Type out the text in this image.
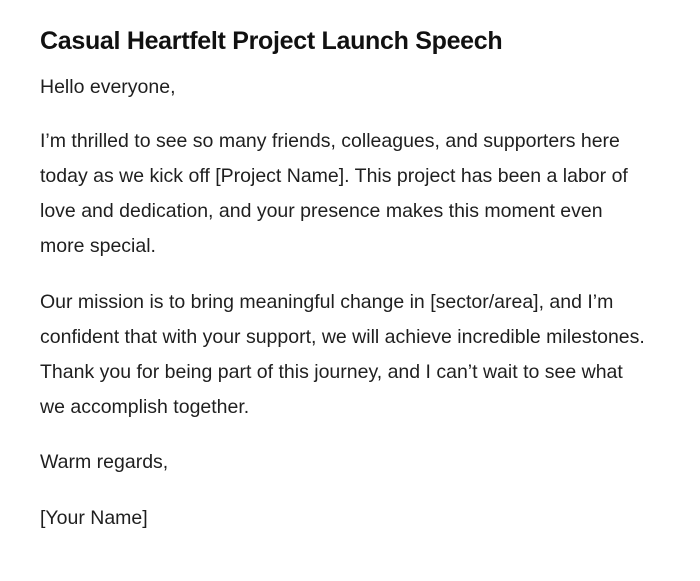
Casual Heartfelt Project Launch Speech

Hello everyone,

I’m thrilled to see so many friends, colleagues, and supporters here today as we kick off [Project Name]. This project has been a labor of love and dedication, and your presence makes this moment even more special.

Our mission is to bring meaningful change in [sector/area], and I’m confident that with your support, we will achieve incredible milestones. Thank you for being part of this journey, and I can’t wait to see what we accomplish together.

Warm regards,

[Your Name]
